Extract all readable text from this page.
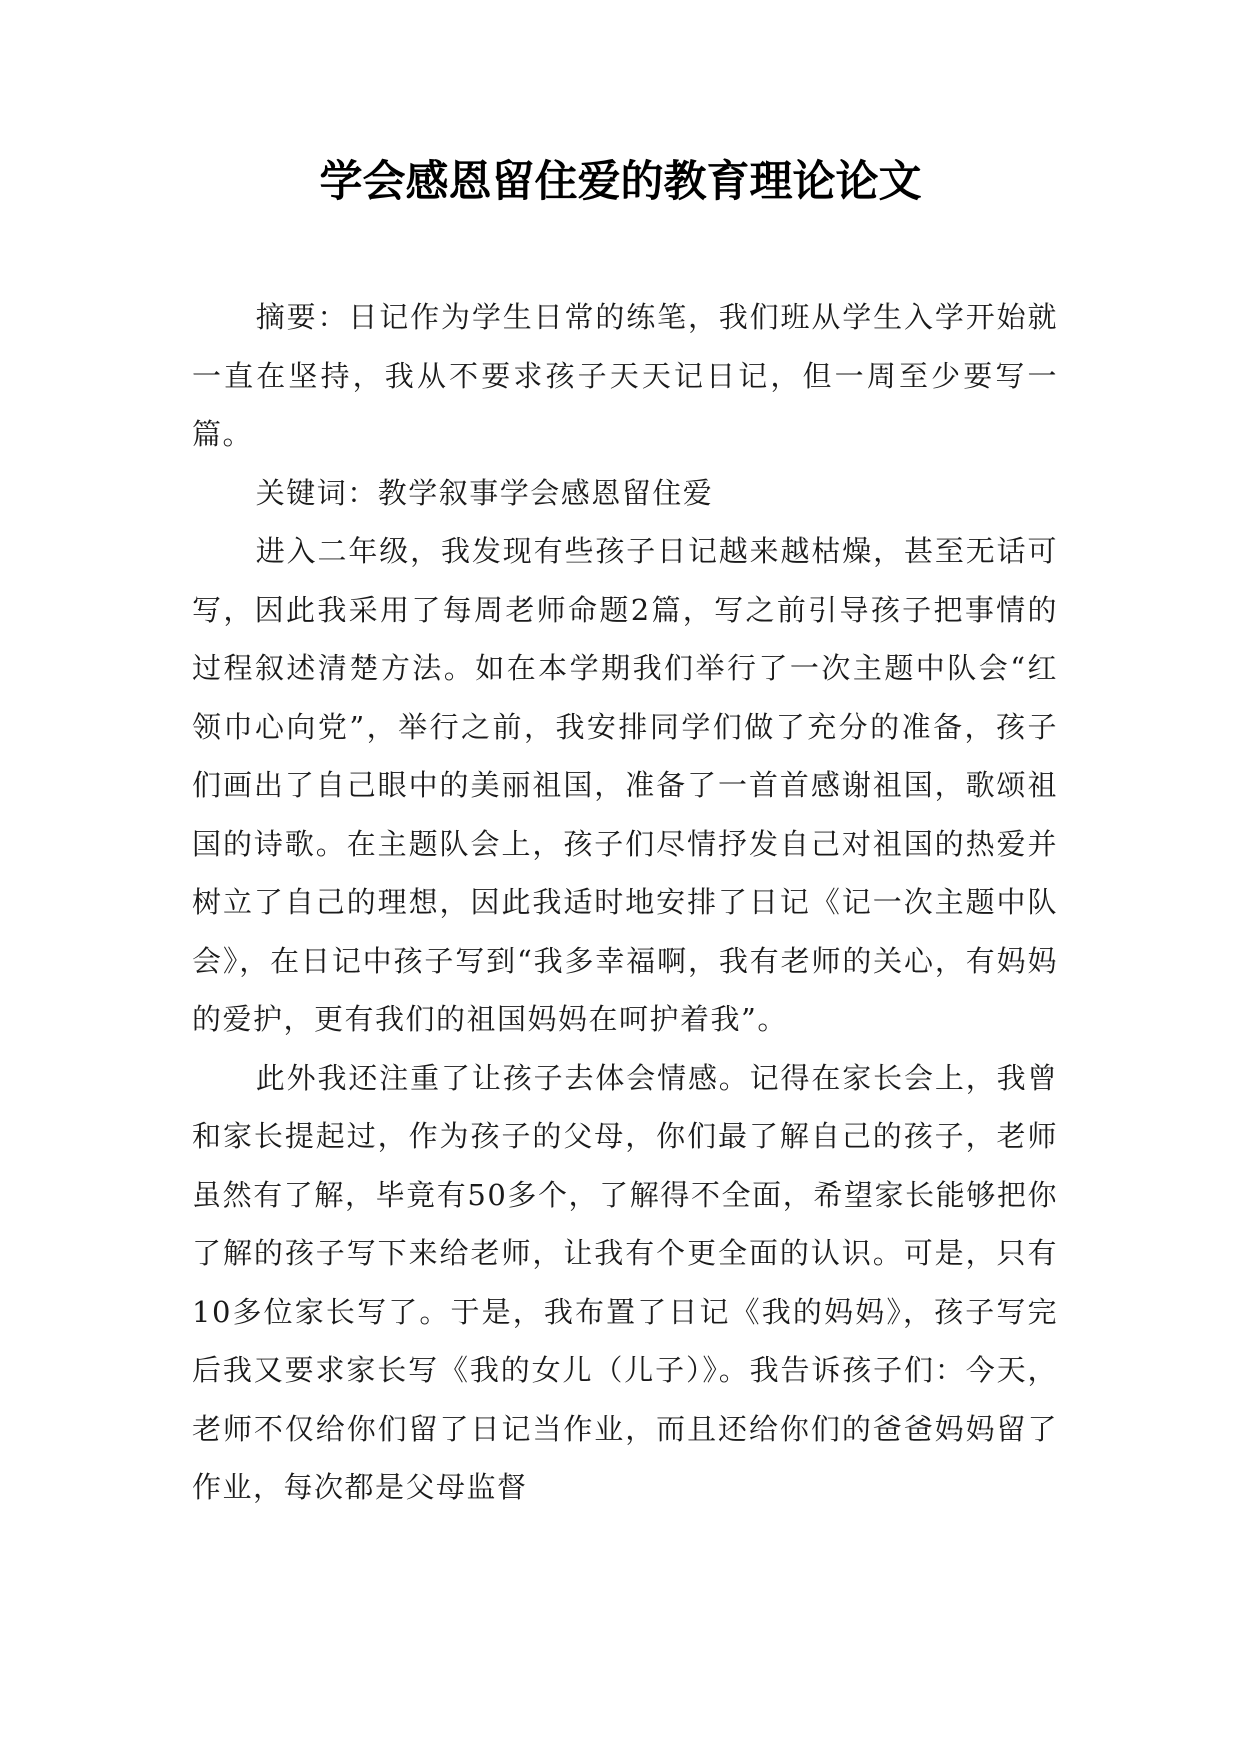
学会感恩留住爱的教育理论论文

摘要：日记作为学生日常的练笔，我们班从学生入学开始就一直在坚持，我从不要求孩子天天记日记，但一周至少要写一篇。

关键词：教学叙事学会感恩留住爱

进入二年级，我发现有些孩子日记越来越枯燥，甚至无话可写，因此我采用了每周老师命题2篇，写之前引导孩子把事情的过程叙述清楚方法。如在本学期我们举行了一次主题中队会“红领巾心向党”，举行之前，我安排同学们做了充分的准备，孩子们画出了自己眼中的美丽祖国，准备了一首首感谢祖国，歌颂祖国的诗歌。在主题队会上，孩子们尽情抒发自己对祖国的热爱并树立了自己的理想，因此我适时地安排了日记《记一次主题中队会》，在日记中孩子写到“我多幸福啊，我有老师的关心，有妈妈的爱护，更有我们的祖国妈妈在呵护着我”。

此外我还注重了让孩子去体会情感。记得在家长会上，我曾和家长提起过，作为孩子的父母，你们最了解自己的孩子，老师虽然有了解，毕竟有50多个，了解得不全面，希望家长能够把你了解的孩子写下来给老师，让我有个更全面的认识。可是，只有10多位家长写了。于是，我布置了日记《我的妈妈》，孩子写完后我又要求家长写《我的女儿（儿子）》。我告诉孩子们：今天，老师不仅给你们留了日记当作业，而且还给你们的爸爸妈妈留了作业，每次都是父母监督
